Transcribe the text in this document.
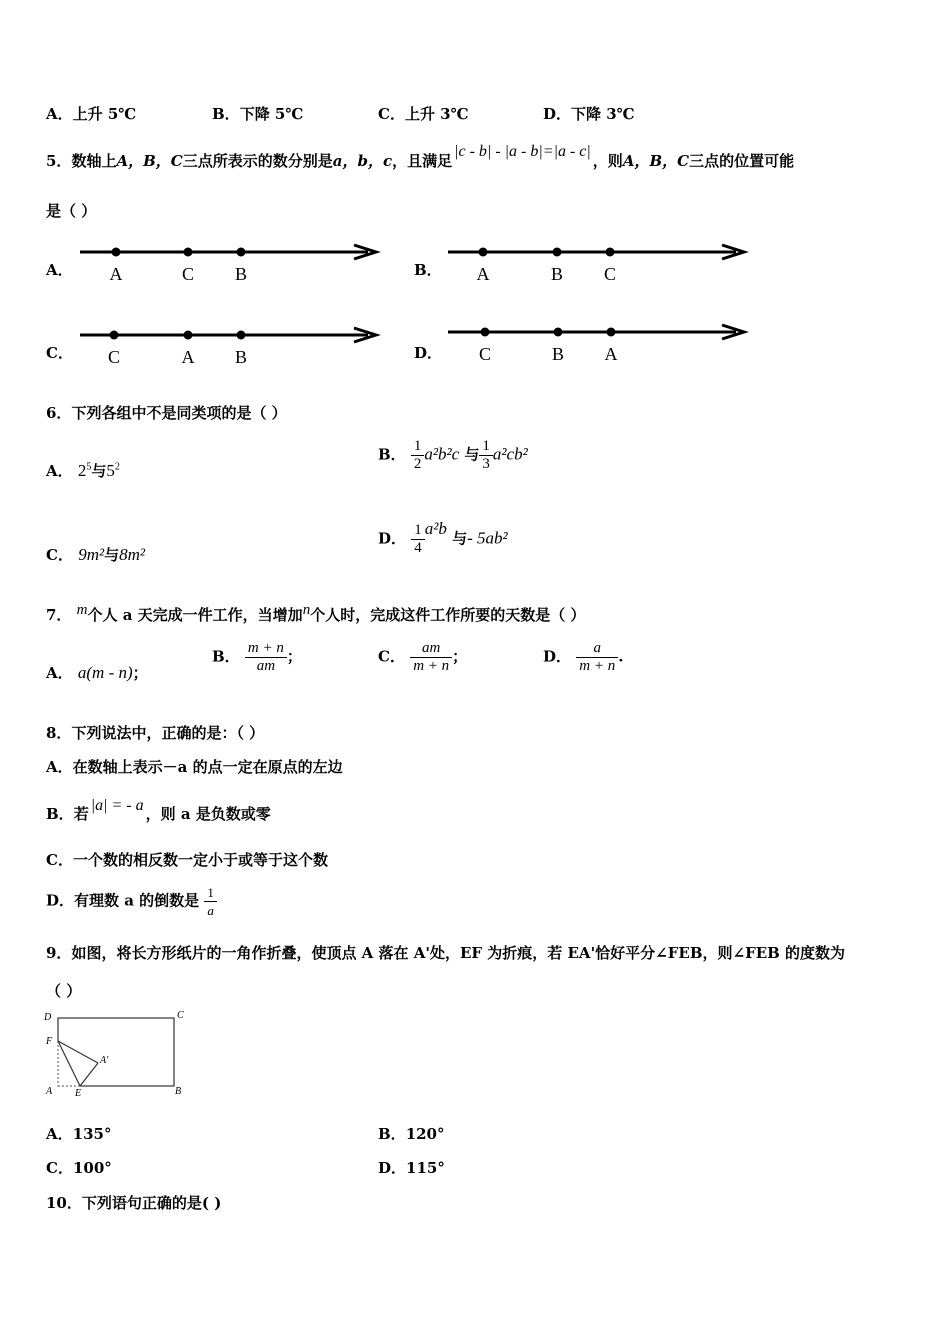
A．上升 5℃	B．下降 5℃	C．上升 3℃	D．下降 3℃
5．数轴上A，B，C三点所表示的数分别是a，b，c，且满足|c - b| - |a - b|=|a - c|，则A，B，C三点的位置可能
是（ ）
A． A	C B	B． A	B C
C． C	A B	D． C	B A
6．下列各组中不是同类项的是（ ）
A． $2^5$与$5^2$
B． $\frac{1}{2} a^2b^2c$ 与 $\frac{1}{3} a^2cb^2$
C． 9m²与8m²
D． $\frac{1}{4} a^2b$ 与- 5ab²
7． m个人 a 天完成一件工作，当增加n个人时，完成这件工作所要的天数是（ ）
A． a(m - n)；
B． $\frac{m + n}{am}$ ；	C． $\frac{am}{m + n}$ ；	D． $\frac{a}{m + n}$ .
8．下列说法中，正确的是：（ ）
A．在数轴上表示－a 的点一定在原点的左边
B．若 |a| = - a ，则 a 是负数或零
C．一个数的相反数一定小于或等于这个数
D．有理数 a 的倒数是 $\frac{1}{a}$
9．如图，将长方形纸片的一角作折叠，使顶点 A 落在 A'处，EF 为折痕，若 EA'恰好平分∠FEB，则∠FEB 的度数为
（ ）
D	C
F
A'
A E	B
A．135°	B．120°
C．100°	D．115°
10．下列语句正确的是( )
